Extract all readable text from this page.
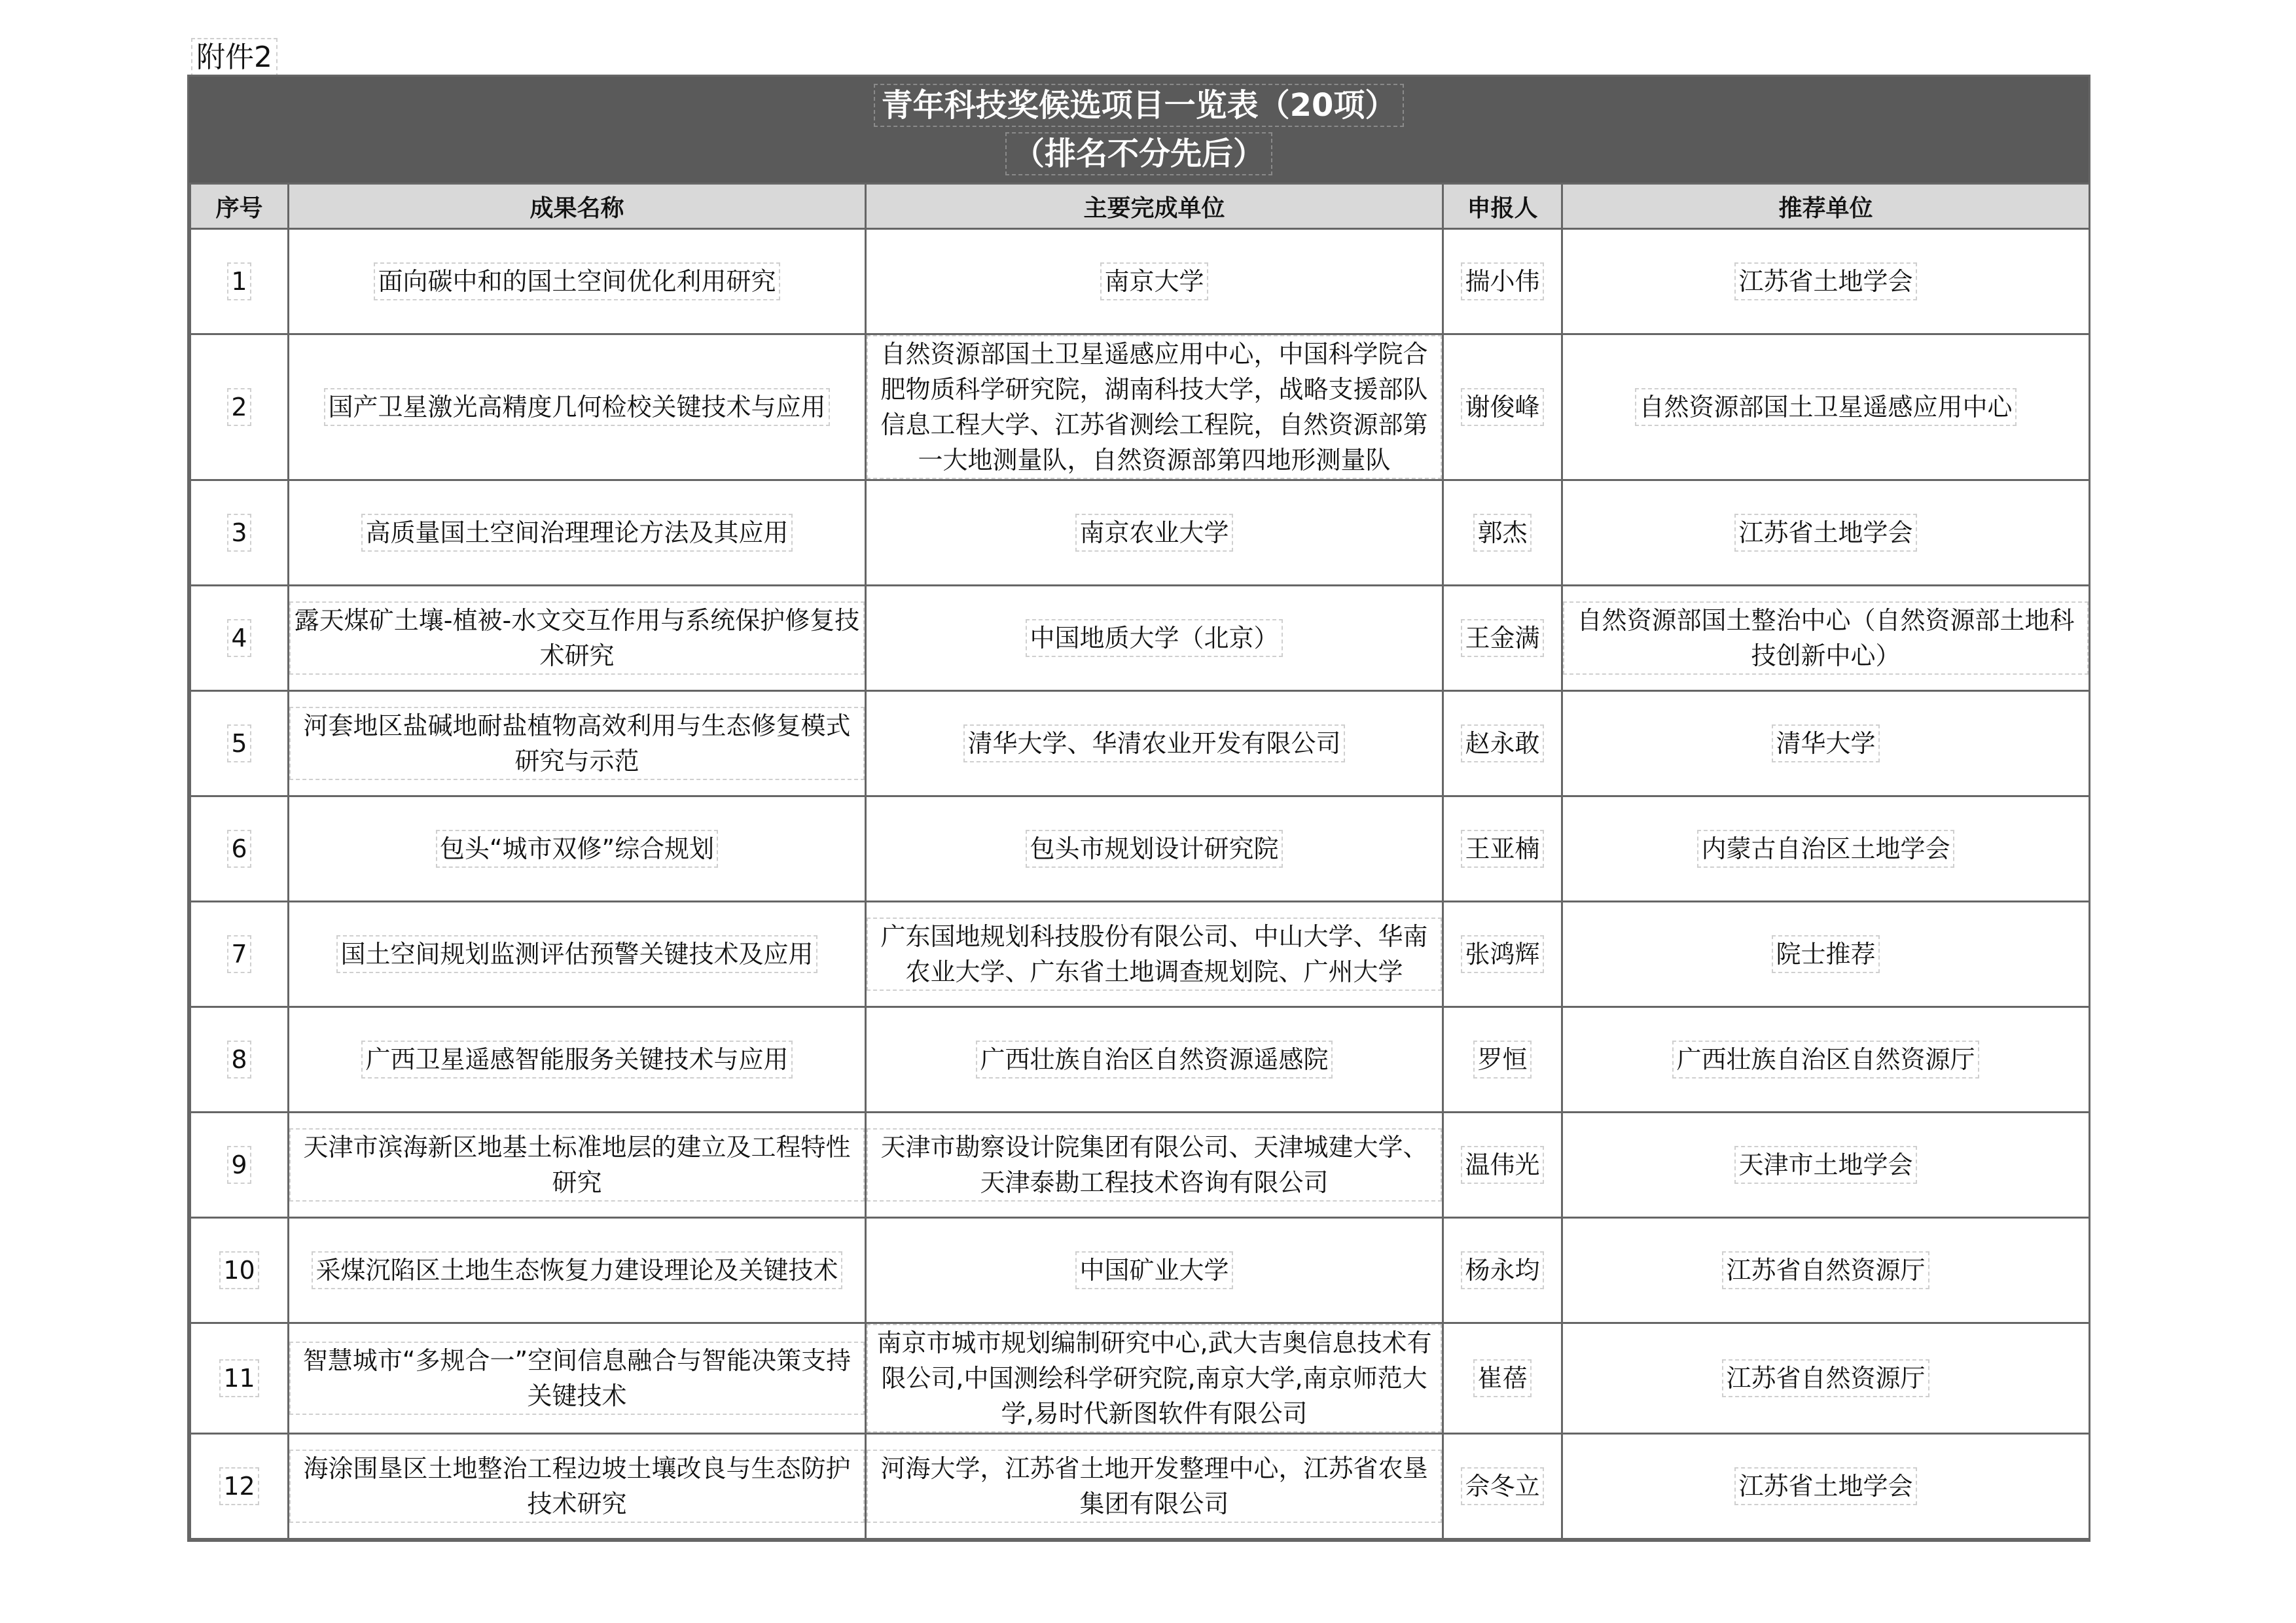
附件2
青年科技奖候选项目一览表（20项）
（排名不分先后）
序号	成果名称	主要完成单位	申报人	推荐单位
1	面向碳中和的国土空间优化利用研究	南京大学	揣小伟	江苏省土地学会
2	国产卫星激光高精度几何检校关键技术与应用	自然资源部国土卫星遥感应用中心，中国科学院合肥物质科学研究院，湖南科技大学，战略支援部队信息工程大学、江苏省测绘工程院，自然资源部第一大地测量队，自然资源部第四地形测量队	谢俊峰	自然资源部国土卫星遥感应用中心
3	高质量国土空间治理理论方法及其应用	南京农业大学	郭杰	江苏省土地学会
4	露天煤矿土壤-植被-水文交互作用与系统保护修复技术研究	中国地质大学（北京）	王金满	自然资源部国土整治中心（自然资源部土地科技创新中心）
5	河套地区盐碱地耐盐植物高效利用与生态修复模式研究与示范	清华大学、华清农业开发有限公司	赵永敢	清华大学
6	包头“城市双修”综合规划	包头市规划设计研究院	王亚楠	内蒙古自治区土地学会
7	国土空间规划监测评估预警关键技术及应用	广东国地规划科技股份有限公司、中山大学、华南农业大学、广东省土地调查规划院、广州大学	张鸿辉	院士推荐
8	广西卫星遥感智能服务关键技术与应用	广西壮族自治区自然资源遥感院	罗恒	广西壮族自治区自然资源厅
9	天津市滨海新区地基土标准地层的建立及工程特性研究	天津市勘察设计院集团有限公司、天津城建大学、天津泰勘工程技术咨询有限公司	温伟光	天津市土地学会
10	采煤沉陷区土地生态恢复力建设理论及关键技术	中国矿业大学	杨永均	江苏省自然资源厅
11	智慧城市“多规合一”空间信息融合与智能决策支持关键技术	南京市城市规划编制研究中心,武大吉奥信息技术有限公司,中国测绘科学研究院,南京大学,南京师范大学,易时代新图软件有限公司	崔蓓	江苏省自然资源厅
12	海涂围垦区土地整治工程边坡土壤改良与生态防护技术研究	河海大学，江苏省土地开发整理中心，江苏省农垦集团有限公司	佘冬立	江苏省土地学会
